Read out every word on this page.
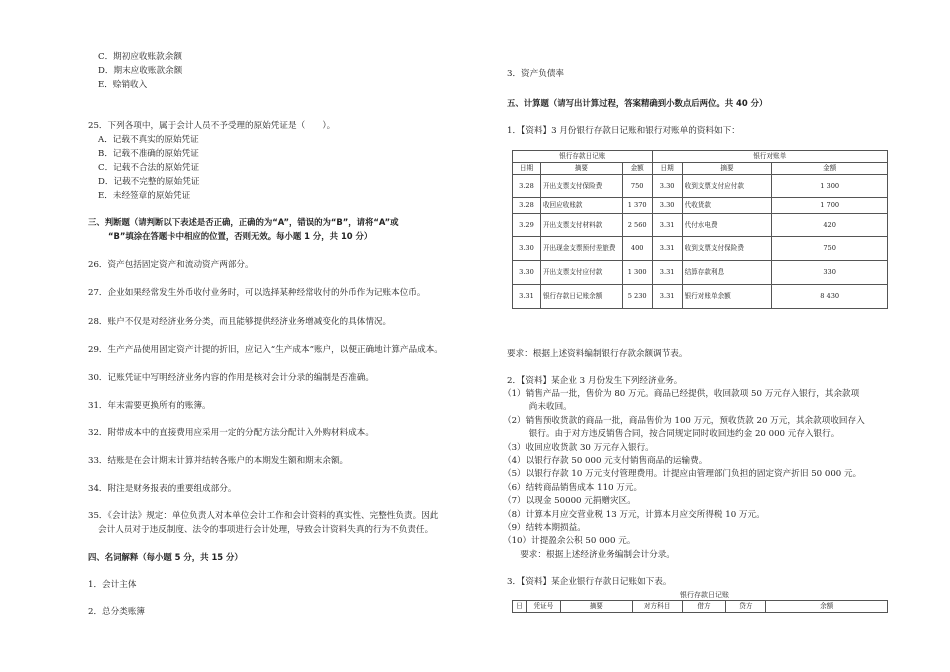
C．期初应收账款余额
D．期末应收账款余额
E．赊销收入
25．下列各项中，属于会计人员不予受理的原始凭证是（　　）。
A．记载不真实的原始凭证
B．记载不准确的原始凭证
C．记载不合法的原始凭证
D．记载不完整的原始凭证
E．未经签章的原始凭证
三、判断题（请判断以下表述是否正确，正确的为“A”，错误的为“B”，请将“A”或
“B”填涂在答题卡中相应的位置，否则无效。每小题 1 分，共 10 分）
26．资产包括固定资产和流动资产两部分。
27．企业如果经常发生外币收付业务时，可以选择某种经常收付的外币作为记账本位币。
28．账户不仅是对经济业务分类，而且能够提供经济业务增减变化的具体情况。
29．生产产品使用固定资产计提的折旧，应记入“生产成本”账户，以便正确地计算产品成本。
30．记账凭证中写明经济业务内容的作用是核对会计分录的编制是否准确。
31．年末需要更换所有的账簿。
32．附带成本中的直接费用应采用一定的分配方法分配计入外购材料成本。
33．结账是在会计期末计算并结转各账户的本期发生额和期末余额。
34．附注是财务报表的重要组成部分。
35．《会计法》规定：单位负责人对本单位会计工作和会计资料的真实性、完整性负责。因此
会计人员对于违反制度、法令的事项进行会计处理，导致会计资料失真的行为不负责任。
四、名词解释（每小题 5 分，共 15 分）
1．会计主体
2．总分类账簿
3．资产负债率
五、计算题（请写出计算过程，答案精确到小数点后两位。共 40 分）
1．【资料】3 月份银行存款日记账和银行对账单的资料如下：
银行存款日记账			银行对账单		
日期	摘要	金额	日期	摘要	金额
3.28	开出支票支付保险费	750	3.30	收到支票支付应付款	1 300
3.28	收回应收账款	1 370	3.30	代收货款	1 700
3.29	开出支票支付材料款	2 560	3.31	代付水电费	420
3.30	开出现金支票预付差旅费	400	3.31	收到支票支付保险费	750
3.30	开出支票支付应付款	1 300	3.31	结算存款利息	330
3.31	银行存款日记账余额	5 230	3.31	银行对账单余额	8 430
要求：根据上述资料编制银行存款余额调节表。
2．【资料】某企业 3 月份发生下列经济业务。
（1）销售产品一批，售价为 80 万元。商品已经提供，收回款项 50 万元存入银行，其余款项
　　　尚未收回。
（2）销售预收货款的商品一批，商品售价为 100 万元，预收货款 20 万元，其余款项收回存入
　　　银行。由于对方违反销售合同，按合同规定同时收回违约金 20 000 元存入银行。
（3）收回应收货款 30 万元存入银行。
（4）以银行存款 50 000 元支付销售商品的运输费。
（5）以银行存款 10 万元支付管理费用。计提应由管理部门负担的固定资产折旧 50 000 元。
（6）结转商品销售成本 110 万元。
（7）以现金 50000 元捐赠灾区。
（8）计算本月应交营业税 13 万元，计算本月应交所得税 10 万元。
（9）结转本期损益。
（10）计提盈余公积 50 000 元。
　　要求：根据上述经济业务编制会计分录。
3．【资料】某企业银行存款日记账如下表。
银行存款日记账
日	凭证号	摘要	对方科目	借方	贷方	余额
